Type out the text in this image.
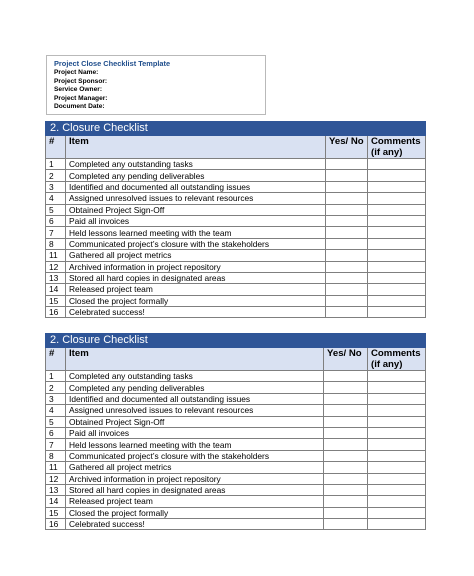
Project Close Checklist Template
Project Name:
Project Sponsor:
Service Owner:
Project Manager:
Document Date:
2. Closure Checklist			
#	Item	Yes/ No	Comments (if any)
1	Completed any outstanding tasks		
2	Completed any pending deliverables		
3	Identified and documented all outstanding issues		
4	Assigned unresolved issues to relevant resources		
5	Obtained Project Sign-Off		
6	Paid all invoices		
7	Held lessons learned meeting with the team		
8	Communicated project’s closure with the stakeholders		
11	Gathered all project metrics		
12	Archived information in project repository		
13	Stored all hard copies in designated areas		
14	Released project team		
15	Closed the project formally		
16	Celebrated success!		
2. Closure Checklist			
#	Item	Yes/ No	Comments (if any)
1	Completed any outstanding tasks		
2	Completed any pending deliverables		
3	Identified and documented all outstanding issues		
4	Assigned unresolved issues to relevant resources		
5	Obtained Project Sign-Off		
6	Paid all invoices		
7	Held lessons learned meeting with the team		
8	Communicated project’s closure with the stakeholders		
11	Gathered all project metrics		
12	Archived information in project repository		
13	Stored all hard copies in designated areas		
14	Released project team		
15	Closed the project formally		
16	Celebrated success!		
